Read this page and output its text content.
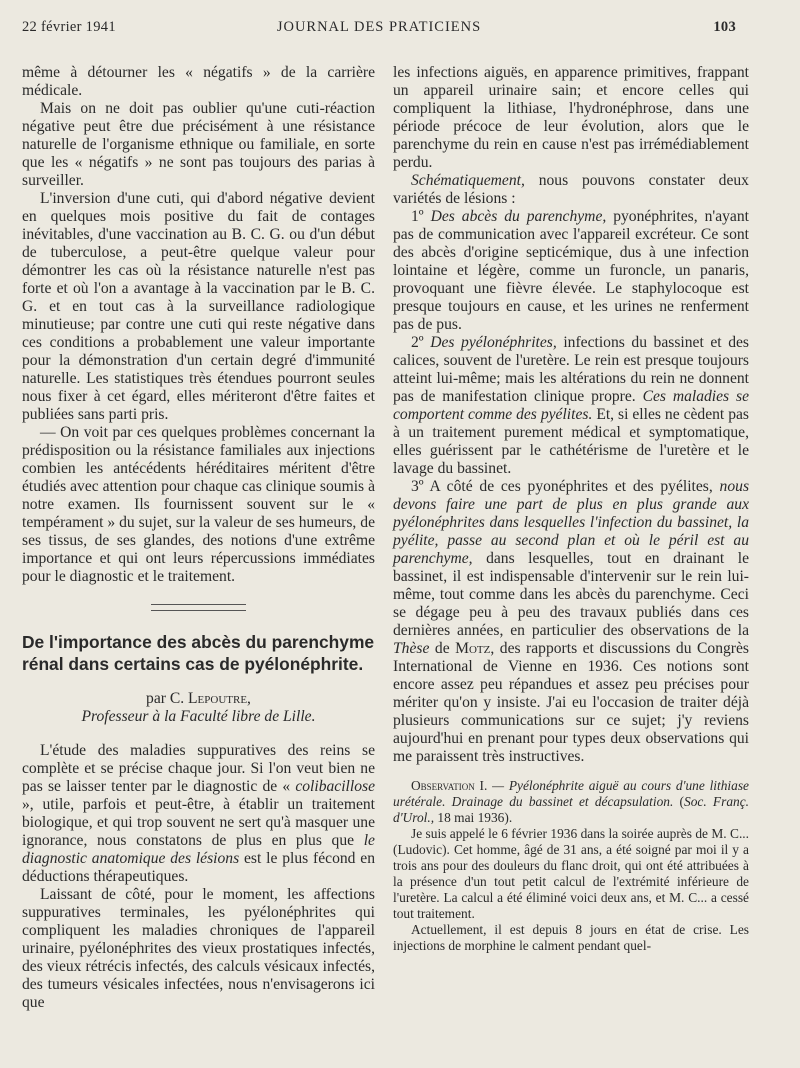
22 février 1941	JOURNAL DES PRATICIENS	103

même à détourner les « négatifs » de la carrière médicale.

Mais on ne doit pas oublier qu'une cuti-réaction négative peut être due précisément à une résistance naturelle de l'organisme ethnique ou familiale, en sorte que les « négatifs » ne sont pas toujours des parias à surveiller.

L'inversion d'une cuti, qui d'abord négative devient en quelques mois positive du fait de contages inévitables, d'une vaccination au B. C. G. ou d'un début de tuberculose, a peut-être quelque valeur pour démontrer les cas où la résistance naturelle n'est pas forte et où l'on a avantage à la vaccination par le B. C. G. et en tout cas à la surveillance radiologique minutieuse; par contre une cuti qui reste négative dans ces conditions a probablement une valeur importante pour la démonstration d'un certain degré d'immunité naturelle. Les statistiques très étendues pourront seules nous fixer à cet égard, elles mériteront d'être faites et publiées sans parti pris.

— On voit par ces quelques problèmes concernant la prédisposition ou la résistance familiales aux injections combien les antécédents héréditaires méritent d'être étudiés avec attention pour chaque cas clinique soumis à notre examen. Ils fournissent souvent sur le « tempérament » du sujet, sur la valeur de ses humeurs, de ses tissus, de ses glandes, des notions d'une extrême importance et qui ont leurs répercussions immédiates pour le diagnostic et le traitement.

De l'importance des abcès du parenchyme rénal dans certains cas de pyélonéphrite.

par C. Lepoutre,

Professeur à la Faculté libre de Lille.

L'étude des maladies suppuratives des reins se complète et se précise chaque jour. Si l'on veut bien ne pas se laisser tenter par le diagnostic de « colibacillose », utile, parfois et peut-être, à établir un traitement biologique, et qui trop souvent ne sert qu'à masquer une ignorance, nous constatons de plus en plus que le diagnostic anatomique des lésions est le plus fécond en déductions thérapeutiques.

Laissant de côté, pour le moment, les affections suppuratives terminales, les pyélonéphrites qui compliquent les maladies chroniques de l'appareil urinaire, pyélonéphrites des vieux prostatiques infectés, des vieux rétrécis infectés, des calculs vésicaux infectés, des tumeurs vésicales infectées, nous n'envisagerons ici que

les infections aiguës, en apparence primitives, frappant un appareil urinaire sain; et encore celles qui compliquent la lithiase, l'hydronéphrose, dans une période précoce de leur évolution, alors que le parenchyme du rein en cause n'est pas irrémédiablement perdu.

Schématiquement, nous pouvons constater deux variétés de lésions :

1º Des abcès du parenchyme, pyonéphrites, n'ayant pas de communication avec l'appareil excréteur. Ce sont des abcès d'origine septicémique, dus à une infection lointaine et légère, comme un furoncle, un panaris, provoquant une fièvre élevée. Le staphylocoque est presque toujours en cause, et les urines ne renferment pas de pus.

2º Des pyélonéphrites, infections du bassinet et des calices, souvent de l'uretère. Le rein est presque toujours atteint lui-même; mais les altérations du rein ne donnent pas de manifestation clinique propre. Ces maladies se comportent comme des pyélites. Et, si elles ne cèdent pas à un traitement purement médical et symptomatique, elles guérissent par le cathétérisme de l'uretère et le lavage du bassinet.

3º A côté de ces pyonéphrites et des pyélites, nous devons faire une part de plus en plus grande aux pyélonéphrites dans lesquelles l'infection du bassinet, la pyélite, passe au second plan et où le péril est au parenchyme, dans lesquelles, tout en drainant le bassinet, il est indispensable d'intervenir sur le rein lui-même, tout comme dans les abcès du parenchyme. Ceci se dégage peu à peu des travaux publiés dans ces dernières années, en particulier des observations de la Thèse de Motz, des rapports et discussions du Congrès International de Vienne en 1936. Ces notions sont encore assez peu répandues et assez peu précises pour mériter qu'on y insiste. J'ai eu l'occasion de traiter déjà plusieurs communications sur ce sujet; j'y reviens aujourd'hui en prenant pour types deux observations qui me paraissent très instructives.

Observation I. — Pyélonéphrite aiguë au cours d'une lithiase urétérale. Drainage du bassinet et décapsulation. (Soc. Franç. d'Urol., 18 mai 1936).

Je suis appelé le 6 février 1936 dans la soirée auprès de M. C... (Ludovic). Cet homme, âgé de 31 ans, a été soigné par moi il y a trois ans pour des douleurs du flanc droit, qui ont été attribuées à la présence d'un tout petit calcul de l'extrémité inférieure de l'uretère. La calcul a été éliminé voici deux ans, et M. C... a cessé tout traitement.

Actuellement, il est depuis 8 jours en état de crise. Les injections de morphine le calment pendant quel-
